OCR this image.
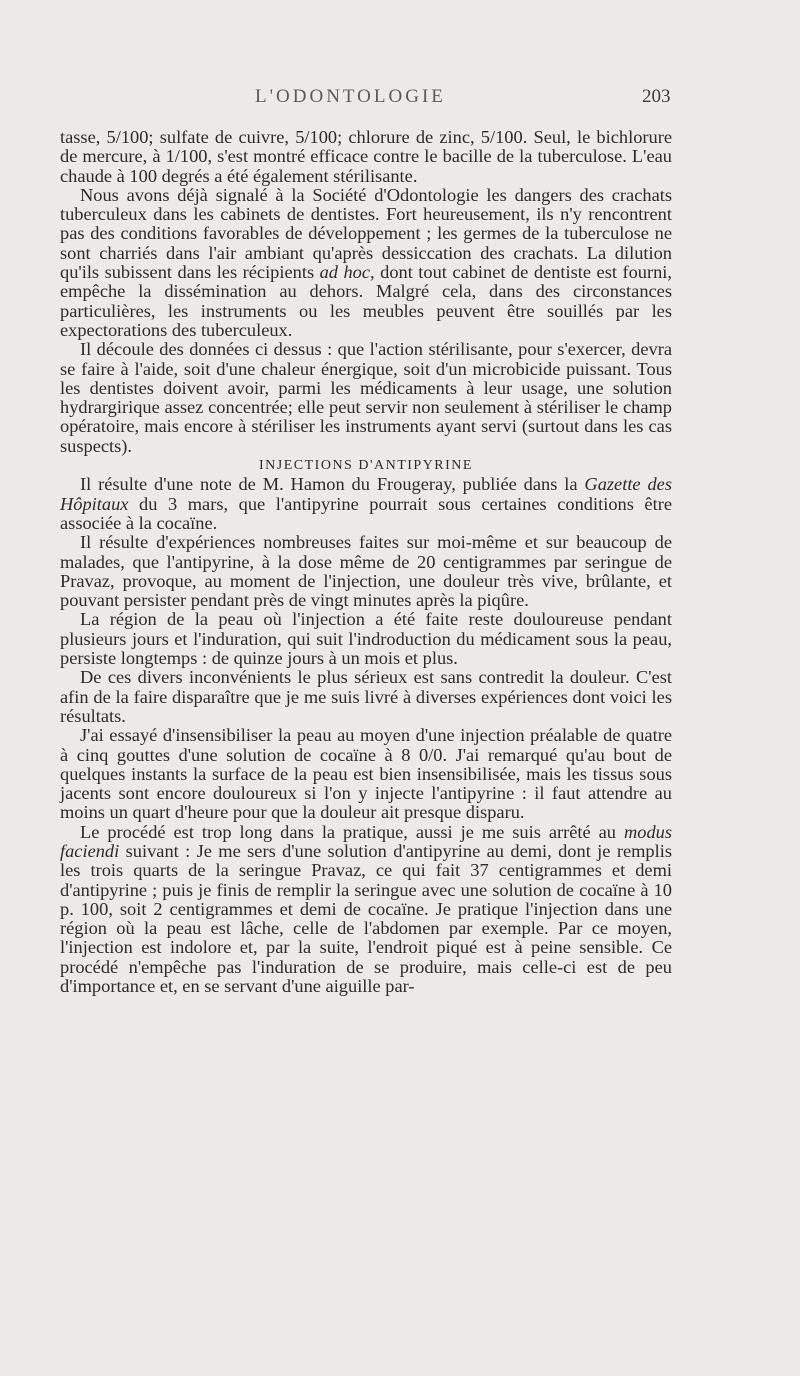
L'ODONTOLOGIE	203

tasse, 5/100; sulfate de cuivre, 5/100; chlorure de zinc, 5/100. Seul, le bichlorure de mercure, à 1/100, s'est montré efficace contre le bacille de la tuberculose. L'eau chaude à 100 degrés a été également stérilisante.

Nous avons déjà signalé à la Société d'Odontologie les dangers des crachats tuberculeux dans les cabinets de dentistes. Fort heureusement, ils n'y rencontrent pas des conditions favorables de développement ; les germes de la tuberculose ne sont charriés dans l'air ambiant qu'après dessiccation des crachats. La dilution qu'ils subissent dans les récipients ad hoc, dont tout cabinet de dentiste est fourni, empêche la dissémination au dehors. Malgré cela, dans des circonstances particulières, les instruments ou les meubles peuvent être souillés par les expectorations des tuberculeux.

Il découle des données ci dessus : que l'action stérilisante, pour s'exercer, devra se faire à l'aide, soit d'une chaleur énergique, soit d'un microbicide puissant. Tous les dentistes doivent avoir, parmi les médicaments à leur usage, une solution hydrargirique assez concentrée; elle peut servir non seulement à stériliser le champ opératoire, mais encore à stériliser les instruments ayant servi (surtout dans les cas suspects).

INJECTIONS D'ANTIPYRINE

Il résulte d'une note de M. Hamon du Frougeray, publiée dans la Gazette des Hôpitaux du 3 mars, que l'antipyrine pourrait sous certaines conditions être associée à la cocaïne.

Il résulte d'expériences nombreuses faites sur moi-même et sur beaucoup de malades, que l'antipyrine, à la dose même de 20 centigrammes par seringue de Pravaz, provoque, au moment de l'injection, une douleur très vive, brûlante, et pouvant persister pendant près de vingt minutes après la piqûre.

La région de la peau où l'injection a été faite reste douloureuse pendant plusieurs jours et l'induration, qui suit l'indroduction du médicament sous la peau, persiste longtemps : de quinze jours à un mois et plus.

De ces divers inconvénients le plus sérieux est sans contredit la douleur. C'est afin de la faire disparaître que je me suis livré à diverses expériences dont voici les résultats.

J'ai essayé d'insensibiliser la peau au moyen d'une injection préalable de quatre à cinq gouttes d'une solution de cocaïne à 8 0/0. J'ai remarqué qu'au bout de quelques instants la surface de la peau est bien insensibilisée, mais les tissus sous jacents sont encore douloureux si l'on y injecte l'antipyrine : il faut attendre au moins un quart d'heure pour que la douleur ait presque disparu.

Le procédé est trop long dans la pratique, aussi je me suis arrêté au modus faciendi suivant : Je me sers d'une solution d'antipyrine au demi, dont je remplis les trois quarts de la seringue Pravaz, ce qui fait 37 centigrammes et demi d'antipyrine ; puis je finis de remplir la seringue avec une solution de cocaïne à 10 p. 100, soit 2 centigrammes et demi de cocaïne. Je pratique l'injection dans une région où la peau est lâche, celle de l'abdomen par exemple. Par ce moyen, l'injection est indolore et, par la suite, l'endroit piqué est à peine sensible. Ce procédé n'empêche pas l'induration de se produire, mais celle-ci est de peu d'importance et, en se servant d'une aiguille par-
